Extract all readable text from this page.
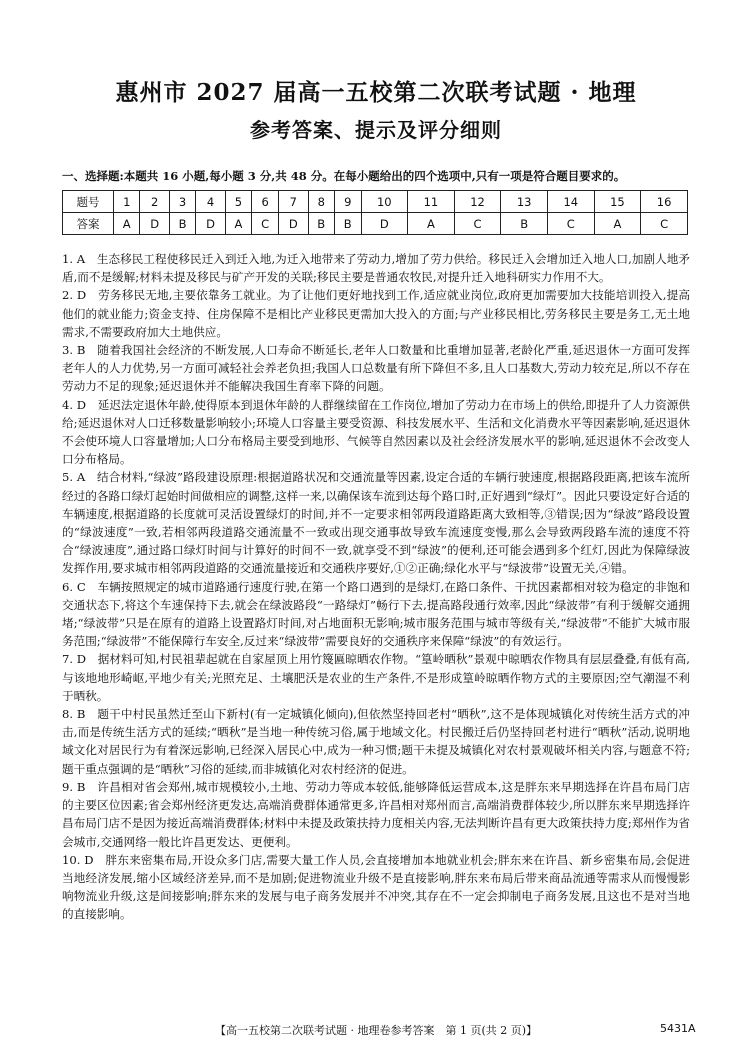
惠州市 2027 届高一五校第二次联考试题 · 地理
参考答案、提示及评分细则
一、选择题:本题共 16 小题,每小题 3 分,共 48 分。在每小题给出的四个选项中,只有一项是符合题目要求的。
题号	1	2	3	4	5	6	7	8	9	10	11	12	13	14	15	16
答案	A	D	B	D	A	C	D	B	B	D	A	C	B	C	A	C

1. A　生态移民工程使移民迁入到迁入地,为迁入地带来了劳动力,增加了劳力供给。移民迁入会增加迁入地人口,加剧人地矛盾,而不是缓解;材料未提及移民与矿产开发的关联;移民主要是普通农牧民,对提升迁入地科研实力作用不大。

2. D　劳务移民无地,主要依靠务工就业。为了让他们更好地找到工作,适应就业岗位,政府更加需要加大技能培训投入,提高他们的就业能力;资金支持、住房保障不是相比产业移民更需加大投入的方面;与产业移民相比,劳务移民主要是务工,无土地需求,不需要政府加大土地供应。

3. B　随着我国社会经济的不断发展,人口寿命不断延长,老年人口数量和比重增加显著,老龄化严重,延迟退休一方面可发挥老年人的人力优势,另一方面可减轻社会养老负担;我国人口总数量有所下降但不多,且人口基数大,劳动力较充足,所以不存在劳动力不足的现象;延迟退休并不能解决我国生育率下降的问题。

4. D　延迟法定退休年龄,使得原本到退休年龄的人群继续留在工作岗位,增加了劳动力在市场上的供给,即提升了人力资源供给;延迟退休对人口迁移数量影响较小;环境人口容量主要受资源、科技发展水平、生活和文化消费水平等因素影响,延迟退休不会使环境人口容量增加;人口分布格局主要受到地形、气候等自然因素以及社会经济发展水平的影响,延迟退休不会改变人口分布格局。

5. A　结合材料,“绿波”路段建设原理:根据道路状况和交通流量等因素,设定合适的车辆行驶速度,根据路段距离,把该车流所经过的各路口绿灯起始时间做相应的调整,这样一来,以确保该车流到达每个路口时,正好遇到“绿灯”。因此只要设定好合适的车辆速度,根据道路的长度就可灵活设置绿灯的时间,并不一定要求相邻两段道路距离大致相等,③错误;因为“绿波”路段设置的“绿波速度”一致,若相邻两段道路交通流量不一致或出现交通事故导致车流速度变慢,那么会导致两段路车流的速度不符合“绿波速度”,通过路口绿灯时间与计算好的时间不一致,就享受不到“绿波”的便利,还可能会遇到多个红灯,因此为保障绿波发挥作用,要求城市相邻两段道路的交通流量接近和交通秩序要好,①②正确;绿化水平与“绿波带”设置无关,④错。

6. C　车辆按照规定的城市道路通行速度行驶,在第一个路口遇到的是绿灯,在路口条件、干扰因素都相对较为稳定的非饱和交通状态下,将这个车速保持下去,就会在绿波路段“一路绿灯”畅行下去,提高路段通行效率,因此“绿波带”有利于缓解交通拥堵;“绿波带”只是在原有的道路上设置路灯时间,对占地面积无影响;城市服务范围与城市等级有关,“绿波带”不能扩大城市服务范围;“绿波带”不能保障行车安全,反过来“绿波带”需要良好的交通秩序来保障“绿波”的有效运行。

7. D　据材料可知,村民祖辈起就在自家屋顶上用竹篾匾晾晒农作物。“篁岭晒秋”景观中晾晒农作物具有层层叠叠,有低有高,与该地地形崎岖,平地少有关;光照充足、土壤肥沃是农业的生产条件,不是形成篁岭晾晒作物方式的主要原因;空气潮湿不利于晒秋。

8. B　题干中村民虽然迁至山下新村(有一定城镇化倾向),但依然坚持回老村“晒秋”,这不是体现城镇化对传统生活方式的冲击,而是传统生活方式的延续;“晒秋”是当地一种传统习俗,属于地域文化。村民搬迁后仍坚持回老村进行“晒秋”活动,说明地域文化对居民行为有着深远影响,已经深入居民心中,成为一种习惯;题干未提及城镇化对农村景观破坏相关内容,与题意不符;题干重点强调的是“晒秋”习俗的延续,而非城镇化对农村经济的促进。

9. B　许昌相对省会郑州,城市规模较小,土地、劳动力等成本较低,能够降低运营成本,这是胖东来早期选择在许昌布局门店的主要区位因素;省会郑州经济更发达,高端消费群体通常更多,许昌相对郑州而言,高端消费群体较少,所以胖东来早期选择许昌布局门店不是因为接近高端消费群体;材料中未提及政策扶持力度相关内容,无法判断许昌有更大政策扶持力度;郑州作为省会城市,交通网络一般比许昌更发达、更便利。

10. D　胖东来密集布局,开设众多门店,需要大量工作人员,会直接增加本地就业机会;胖东来在许昌、新乡密集布局,会促进当地经济发展,缩小区域经济差异,而不是加剧;促进物流业升级不是直接影响,胖东来布局后带来商品流通等需求从而慢慢影响物流业升级,这是间接影响;胖东来的发展与电子商务发展并不冲突,其存在不一定会抑制电子商务发展,且这也不是对当地的直接影响。

【高一五校第二次联考试题 · 地理卷参考答案　第 1 页(共 2 页)】	5431A
